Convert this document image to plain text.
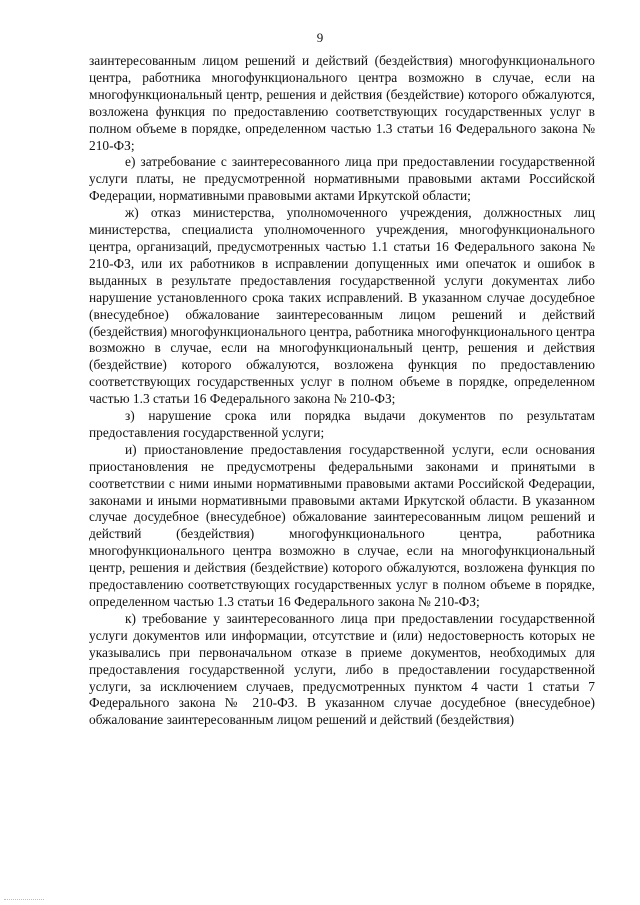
9

заинтересованным лицом решений и действий (бездействия) многофункционального центра, работника многофункционального центра возможно в случае, если на многофункциональный центр, решения и действия (бездействие) которого обжалуются, возложена функция по предоставлению соответствующих государственных услуг в полном объеме в порядке, определенном частью 1.3 статьи 16 Федерального закона № 210-ФЗ;

е) затребование с заинтересованного лица при предоставлении государственной услуги платы, не предусмотренной нормативными правовыми актами Российской Федерации, нормативными правовыми актами Иркутской области;

ж) отказ министерства, уполномоченного учреждения, должностных лиц министерства, специалиста уполномоченного учреждения, многофункционального центра, организаций, предусмотренных частью 1.1 статьи 16 Федерального закона № 210-ФЗ, или их работников в исправлении допущенных ими опечаток и ошибок в выданных в результате предоставления государственной услуги документах либо нарушение установленного срока таких исправлений. В указанном случае досудебное (внесудебное) обжалование заинтересованным лицом решений и действий (бездействия) многофункционального центра, работника многофункционального центра возможно в случае, если на многофункциональный центр, решения и действия (бездействие) которого обжалуются, возложена функция по предоставлению соответствующих государственных услуг в полном объеме в порядке, определенном частью 1.3 статьи 16 Федерального закона № 210-ФЗ;

з) нарушение срока или порядка выдачи документов по результатам предоставления государственной услуги;

и) приостановление предоставления государственной услуги, если основания приостановления не предусмотрены федеральными законами и принятыми в соответствии с ними иными нормативными правовыми актами Российской Федерации, законами и иными нормативными правовыми актами Иркутской области. В указанном случае досудебное (внесудебное) обжалование заинтересованным лицом решений и действий (бездействия) многофункционального центра, работника многофункционального центра возможно в случае, если на многофункциональный центр, решения и действия (бездействие) которого обжалуются, возложена функция по предоставлению соответствующих государственных услуг в полном объеме в порядке, определенном частью 1.3 статьи 16 Федерального закона № 210-ФЗ;

к) требование у заинтересованного лица при предоставлении государственной услуги документов или информации, отсутствие и (или) недостоверность которых не указывались при первоначальном отказе в приеме документов, необходимых для предоставления государственной услуги, либо в предоставлении государственной услуги, за исключением случаев, предусмотренных пунктом 4 части 1 статьи 7 Федерального закона № 210-ФЗ. В указанном случае досудебное (внесудебное) обжалование заинтересованным лицом решений и действий (бездействия)
